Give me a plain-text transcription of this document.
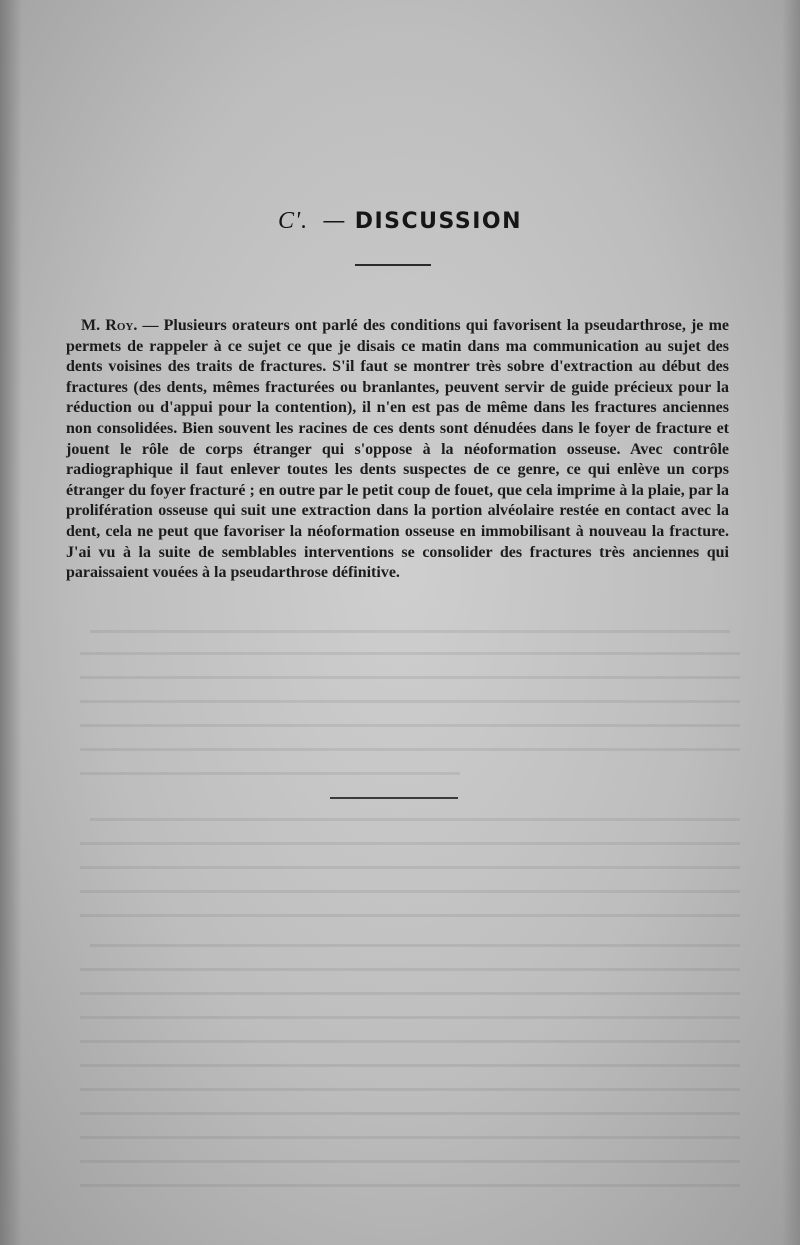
C'. — DISCUSSION

M. Roy. — Plusieurs orateurs ont parlé des conditions qui favorisent la pseudarthrose, je me permets de rappeler à ce sujet ce que je disais ce matin dans ma communication au sujet des dents voisines des traits de fractures. S'il faut se montrer très sobre d'extraction au début des fractures (des dents, mêmes fracturées ou branlantes, peuvent servir de guide précieux pour la réduction ou d'appui pour la contention), il n'en est pas de même dans les fractures anciennes non consolidées. Bien souvent les racines de ces dents sont dénudées dans le foyer de fracture et jouent le rôle de corps étranger qui s'oppose à la néoformation osseuse. Avec contrôle radiographique il faut enlever toutes les dents suspectes de ce genre, ce qui enlève un corps étranger du foyer fracturé ; en outre par le petit coup de fouet, que cela imprime à la plaie, par la prolifération osseuse qui suit une extraction dans la portion alvéolaire restée en contact avec la dent, cela ne peut que favoriser la néoformation osseuse en immobilisant à nouveau la fracture. J'ai vu à la suite de semblables interventions se consolider des fractures très anciennes qui paraissaient vouées à la pseudarthrose définitive.
